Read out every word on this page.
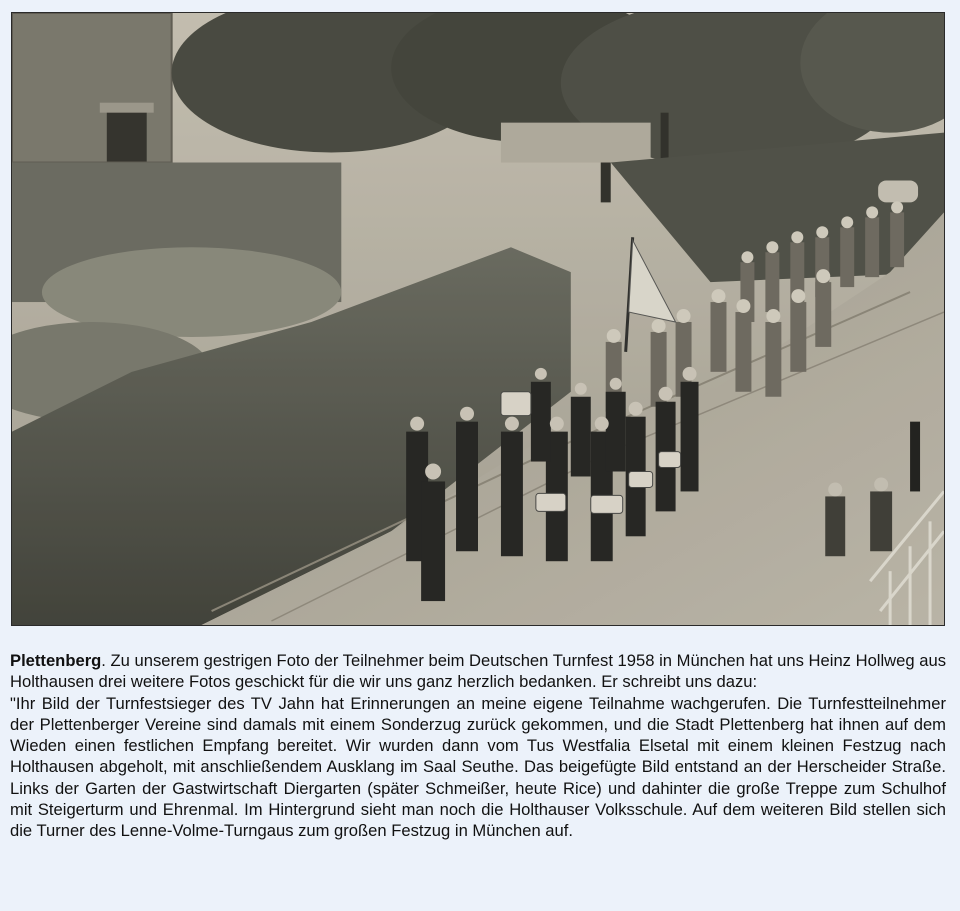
Plettenberg. Zu unserem gestrigen Foto der Teilnehmer beim Deutschen Turnfest 1958 in München hat uns Heinz Hollweg aus Holthausen drei weitere Fotos geschickt für die wir uns ganz herzlich bedanken. Er schreibt uns dazu:

"Ihr Bild der Turnfestsieger des TV Jahn hat Erinnerungen an meine eigene Teilnahme wachgerufen. Die Turnfestteilnehmer der Plettenberger Vereine sind damals mit einem Sonderzug zurück gekommen, und die Stadt Plettenberg hat ihnen auf dem Wieden einen festlichen Empfang bereitet. Wir wurden dann vom Tus Westfalia Elsetal mit einem kleinen Festzug nach Holthausen abgeholt, mit anschließendem Ausklang im Saal Seuthe. Das beigefügte Bild entstand an der Herscheider Straße. Links der Garten der Gastwirtschaft Diergarten (später Schmeißer, heute Rice) und dahinter die große Treppe zum Schulhof mit Steigerturm und Ehrenmal. Im Hintergrund sieht man noch die Holthauser Volksschule. Auf dem weiteren Bild stellen sich die Turner des Lenne-Volme-Turngaus zum großen Festzug in München auf.
